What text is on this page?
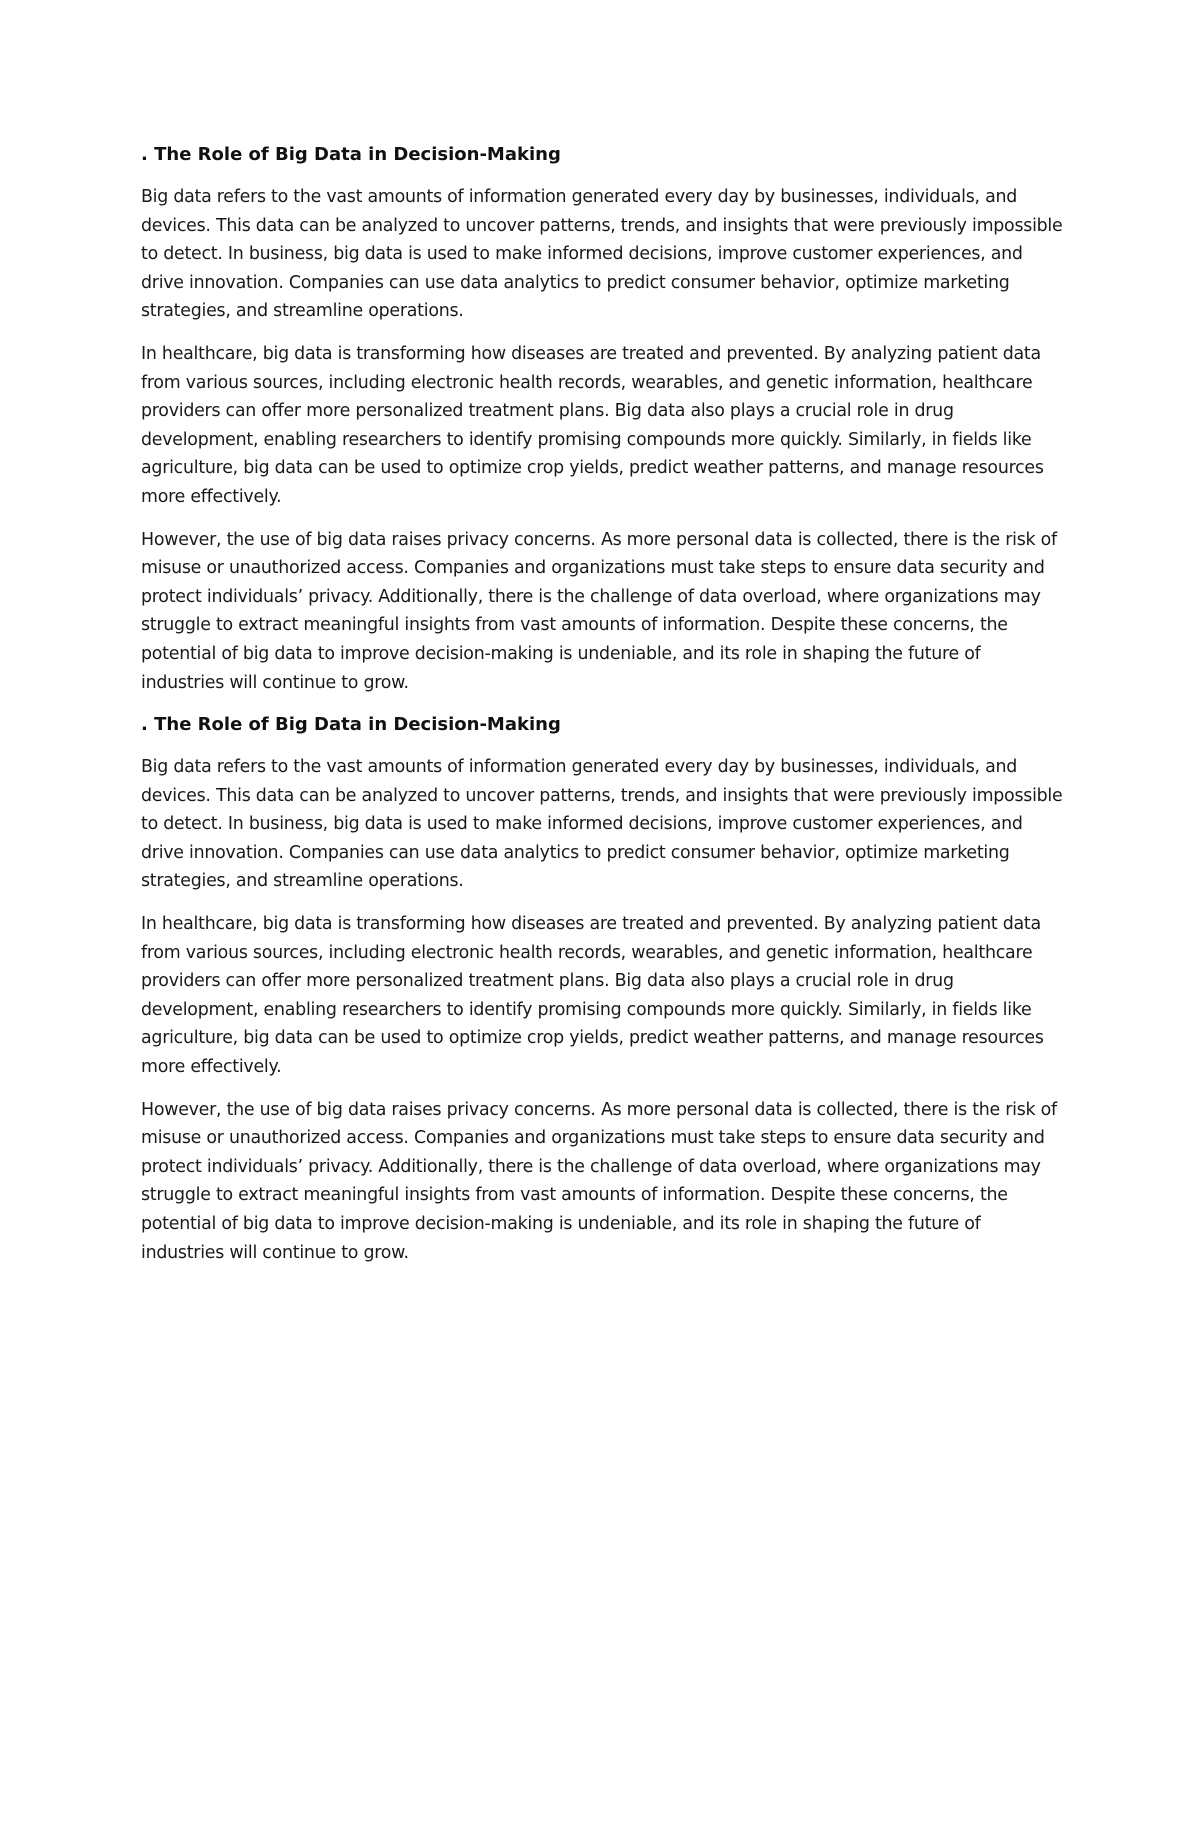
. The Role of Big Data in Decision-Making

Big data refers to the vast amounts of information generated every day by businesses, individuals, and devices. This data can be analyzed to uncover patterns, trends, and insights that were previously impossible to detect. In business, big data is used to make informed decisions, improve customer experiences, and drive innovation. Companies can use data analytics to predict consumer behavior, optimize marketing strategies, and streamline operations.

In healthcare, big data is transforming how diseases are treated and prevented. By analyzing patient data from various sources, including electronic health records, wearables, and genetic information, healthcare providers can offer more personalized treatment plans. Big data also plays a crucial role in drug development, enabling researchers to identify promising compounds more quickly. Similarly, in fields like agriculture, big data can be used to optimize crop yields, predict weather patterns, and manage resources more effectively.

However, the use of big data raises privacy concerns. As more personal data is collected, there is the risk of misuse or unauthorized access. Companies and organizations must take steps to ensure data security and protect individuals’ privacy. Additionally, there is the challenge of data overload, where organizations may struggle to extract meaningful insights from vast amounts of information. Despite these concerns, the potential of big data to improve decision-making is undeniable, and its role in shaping the future of industries will continue to grow.

. The Role of Big Data in Decision-Making

Big data refers to the vast amounts of information generated every day by businesses, individuals, and devices. This data can be analyzed to uncover patterns, trends, and insights that were previously impossible to detect. In business, big data is used to make informed decisions, improve customer experiences, and drive innovation. Companies can use data analytics to predict consumer behavior, optimize marketing strategies, and streamline operations.

In healthcare, big data is transforming how diseases are treated and prevented. By analyzing patient data from various sources, including electronic health records, wearables, and genetic information, healthcare providers can offer more personalized treatment plans. Big data also plays a crucial role in drug development, enabling researchers to identify promising compounds more quickly. Similarly, in fields like agriculture, big data can be used to optimize crop yields, predict weather patterns, and manage resources more effectively.

However, the use of big data raises privacy concerns. As more personal data is collected, there is the risk of misuse or unauthorized access. Companies and organizations must take steps to ensure data security and protect individuals’ privacy. Additionally, there is the challenge of data overload, where organizations may struggle to extract meaningful insights from vast amounts of information. Despite these concerns, the potential of big data to improve decision-making is undeniable, and its role in shaping the future of industries will continue to grow.
